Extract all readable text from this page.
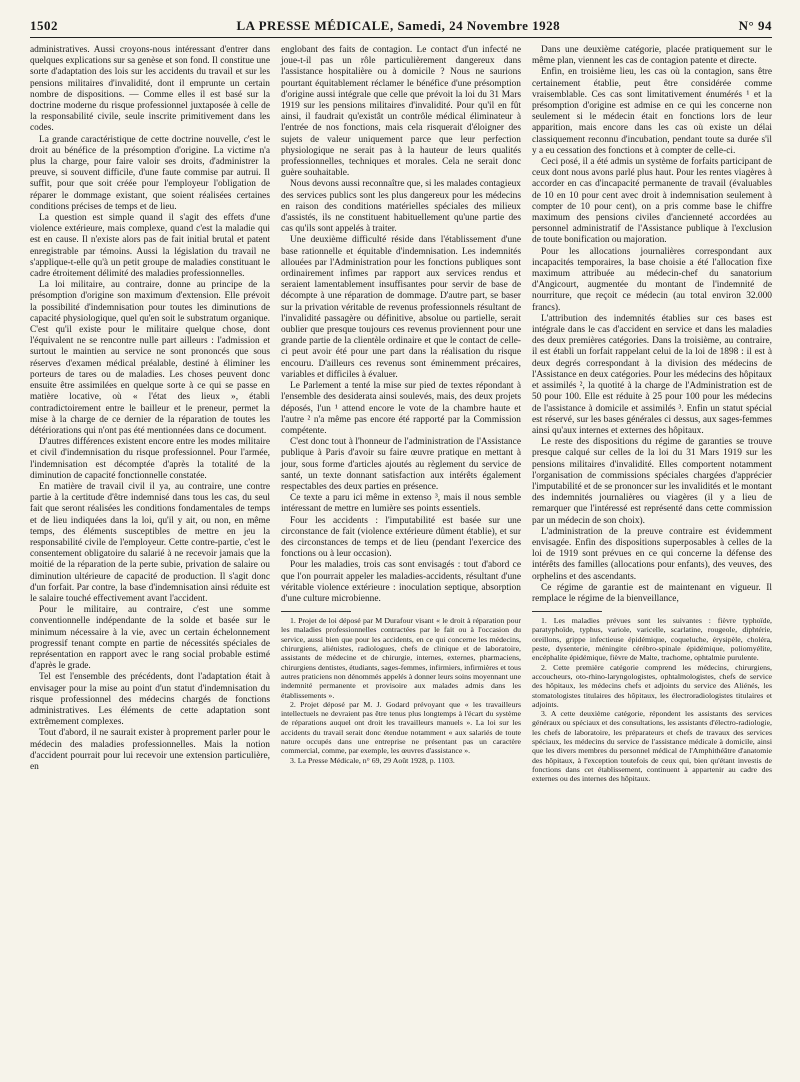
1502	LA PRESSE MÉDICALE, Samedi, 24 Novembre 1928	N° 94

administratives. Aussi croyons-nous intéressant d'entrer dans quelques explications sur sa genèse et son fond. Il constitue une sorte d'adaptation des lois sur les accidents du travail et sur les pensions militaires d'invalidité, dont il emprunte un certain nombre de dispositions. — Comme elles il est basé sur la doctrine moderne du risque professionnel juxtaposée à celle de la responsabilité civile, seule inscrite primitivement dans les codes.

La grande caractéristique de cette doctrine nouvelle, c'est le droit au bénéfice de la présomption d'origine. La victime n'a plus la charge, pour faire valoir ses droits, d'administrer la preuve, si souvent difficile, d'une faute commise par autrui. Il suffit, pour que soit créée pour l'employeur l'obligation de réparer le dommage existant, que soient réalisées certaines conditions précises de temps et de lieu.

La question est simple quand il s'agit des effets d'une violence extérieure, mais complexe, quand c'est la maladie qui est en cause. Il n'existe alors pas de fait initial brutal et patent enregistrable par témoins. Aussi la législation du travail ne s'applique-t-elle qu'à un petit groupe de maladies constituant le cadre étroitement délimité des maladies professionnelles.

La loi militaire, au contraire, donne au principe de la présomption d'origine son maximum d'extension. Elle prévoit la possibilité d'indemnisation pour toutes les diminutions de capacité physiologique, quel qu'en soit le substratum organique. C'est qu'il existe pour le militaire quelque chose, dont l'équivalent ne se rencontre nulle part ailleurs : l'admission et surtout le maintien au service ne sont prononcés que sous réserves d'examen médical préalable, destiné à éliminer les porteurs de tares ou de maladies. Les choses peuvent donc ensuite être assimilées en quelque sorte à ce qui se passe en matière locative, où « l'état des lieux », établi contradictoirement entre le bailleur et le preneur, permet la mise à la charge de ce dernier de la réparation de toutes les détériorations qui n'ont pas été mentionnées dans ce document.

D'autres différences existent encore entre les modes militaire et civil d'indemnisation du risque professionnel. Pour l'armée, l'indemnisation est décomptée d'après la totalité de la diminution de capacité fonctionnelle constatée.

En matière de travail civil il ya, au contraire, une contre partie à la certitude d'être indemnisé dans tous les cas, du seul fait que seront réalisées les conditions fondamentales de temps et de lieu indiquées dans la loi, qu'il y ait, ou non, en même temps, des éléments susceptibles de mettre en jeu la responsabilité civile de l'employeur. Cette contre-partie, c'est le consentement obligatoire du salarié à ne recevoir jamais que la moitié de la réparation de la perte subie, privation de salaire ou diminution ultérieure de capacité de production. Il s'agit donc d'un forfait. Par contre, la base d'indemnisation ainsi réduite est le salaire touché effectivement avant l'accident.

Pour le militaire, au contraire, c'est une somme conventionnelle indépendante de la solde et basée sur le minimum nécessaire à la vie, avec un certain échelonnement progressif tenant compte en partie de nécessités spéciales de représentation en rapport avec le rang social probable estimé d'après le grade.

Tel est l'ensemble des précédents, dont l'adaptation était à envisager pour la mise au point d'un statut d'indemnisation du risque professionnel des médecins chargés de fonctions administratives. Les éléments de cette adaptation sont extrêmement complexes.

Tout d'abord, il ne saurait exister à proprement parler pour le médecin des maladies professionnelles. Mais la notion d'accident pourrait pour lui recevoir une extension particulière, en

englobant des faits de contagion. Le contact d'un infecté ne joue-t-il pas un rôle particulièrement dangereux dans l'assistance hospitalière ou à domicile ? Nous ne saurions pourtant équitablement réclamer le bénéfice d'une présomption d'origine aussi intégrale que celle que prévoit la loi du 31 Mars 1919 sur les pensions militaires d'invalidité. Pour qu'il en fût ainsi, il faudrait qu'existât un contrôle médical éliminateur à l'entrée de nos fonctions, mais cela risquerait d'éloigner des sujets de valeur uniquement parce que leur perfection physiologique ne serait pas à la hauteur de leurs qualités professionnelles, techniques et morales. Cela ne serait donc guère souhaitable.

Nous devons aussi reconnaître que, si les malades contagieux des services publics sont les plus dangereux pour les médecins en raison des conditions matérielles spéciales des milieux d'assistés, ils ne constituent habituellement qu'une partie des cas qu'ils sont appelés à traiter.

Une deuxième difficulté réside dans l'établissement d'une base rationnelle et équitable d'indemnisation. Les indemnités allouées par l'Administration pour les fonctions publiques sont ordinairement infimes par rapport aux services rendus et seraient lamentablement insuffisantes pour servir de base de décompte à une réparation de dommage. D'autre part, se baser sur la privation véritable de revenus professionnels résultant de l'invalidité passagère ou définitive, absolue ou partielle, serait oublier que presque toujours ces revenus proviennent pour une grande partie de la clientèle ordinaire et que le contact de celle-ci peut avoir été pour une part dans la réalisation du risque encouru. D'ailleurs ces revenus sont éminemment précaires, variables et difficiles à évaluer.

Le Parlement a tenté la mise sur pied de textes répondant à l'ensemble des desiderata ainsi soulevés, mais, des deux projets déposés, l'un ¹ attend encore le vote de la chambre haute et l'autre ² n'a même pas encore été rapporté par la Commission compétente.

C'est donc tout à l'honneur de l'administration de l'Assistance publique à Paris d'avoir su faire œuvre pratique en mettant à jour, sous forme d'articles ajoutés au règlement du service de santé, un texte donnant satisfaction aux intérêts également respectables des deux parties en présence.

Ce texte a paru ici même in extenso ³, mais il nous semble intéressant de mettre en lumière ses points essentiels.

Four les accidents : l'imputabilité est basée sur une circonstance de fait (violence extérieure dûment établie), et sur des circonstances de temps et de lieu (pendant l'exercice des fonctions ou à leur occasion).

Pour les maladies, trois cas sont envisagés : tout d'abord ce que l'on pourrait appeler les maladies-accidents, résultant d'une véritable violence extérieure : inoculation septique, absorption d'une culture microbienne.

1. Projet de loi déposé par M Durafour visant « le droit à réparation pour les maladies professionnelles contractées par le fait ou à l'occasion du service, aussi bien que pour les accidents, en ce qui concerne les médecins, chirurgiens, aliénistes, radiologues, chefs de clinique et de laboratoire, assistants de médecine et de chirurgie, internes, externes, pharmaciens, chirurgiens dentistes, étudiants, sages-femmes, infirmiers, infirmières et tous autres praticiens non dénommés appelés à donner leurs soins moyennant une indemnité permanente et provisoire aux malades admis dans les établissements ».

2. Projet déposé par M. J. Godard prévoyant que « les travailleurs intellectuels ne devraient pas être tenus plus longtemps à l'écart du système de réparations auquel ont droit les travailleurs manuels ». La loi sur les accidents du travail serait donc étendue notamment « aux salariés de toute nature occupés dans une entreprise ne présentant pas un caractère commercial, comme, par exemple, les œuvres d'assistance ».

3. La Presse Médicale, n° 69, 29 Août 1928, p. 1103.

Dans une deuxième catégorie, placée pratiquement sur le même plan, viennent les cas de contagion patente et directe.

Enfin, en troisième lieu, les cas où la contagion, sans être certainement établie, peut être considérée comme vraisemblable. Ces cas sont limitativement énumérés ¹ et la présomption d'origine est admise en ce qui les concerne non seulement si le médecin était en fonctions lors de leur apparition, mais encore dans les cas où existe un délai classiquement reconnu d'incubation, pendant toute sa durée s'il y a eu cessation des fonctions et à compter de celle-ci.

Ceci posé, il a été admis un système de forfaits participant de ceux dont nous avons parlé plus haut. Pour les rentes viagères à accorder en cas d'incapacité permanente de travail (évaluables de 10 en 10 pour cent avec droit à indemnisation seulement à compter de 10 pour cent), on a pris comme base le chiffre maximum des pensions civiles d'ancienneté accordées au personnel administratif de l'Assistance publique à l'exclusion de toute bonification ou majoration.

Pour les allocations journalières correspondant aux incapacités temporaires, la base choisie a été l'allocation fixe maximum attribuée au médecin-chef du sanatorium d'Angicourt, augmentée du montant de l'indemnité de nourriture, que reçoit ce médecin (au total environ 32.000 francs).

L'attribution des indemnités établies sur ces bases est intégrale dans le cas d'accident en service et dans les maladies des deux premières catégories. Dans la troisième, au contraire, il est établi un forfait rappelant celui de la loi de 1898 : il est à deux degrés correspondant à la division des médecins de l'Assistance en deux catégories. Pour les médecins des hôpitaux et assimilés ², la quotité à la charge de l'Administration est de 50 pour 100. Elle est réduite à 25 pour 100 pour les médecins de l'assistance à domicile et assimilés ³. Enfin un statut spécial est réservé, sur les bases générales ci dessus, aux sages-femmes ainsi qu'aux internes et externes des hôpitaux.

Le reste des dispositions du régime de garanties se trouve presque calqué sur celles de la loi du 31 Mars 1919 sur les pensions militaires d'invalidité. Elles comportent notamment l'organisation de commissions spéciales chargées d'apprécier l'imputabilité et de se prononcer sur les invalidités et le montant des indemnités journalières ou viagères (il y a lieu de remarquer que l'intéressé est représenté dans cette commission par un médecin de son choix).

L'administration de la preuve contraire est évidemment envisagée. Enfin des dispositions superposables à celles de la loi de 1919 sont prévues en ce qui concerne la défense des intérêts des familles (allocations pour enfants), des veuves, des orphelins et des ascendants.

Ce régime de garantie est de maintenant en vigueur. Il remplace le régime de la bienveillance,

1. Les maladies prévues sont les suivantes : fièvre typhoïde, paratyphoïde, typhus, variole, varicelle, scarlatine, rougeole, diphtérie, oreillons, grippe infectieuse épidémique, coqueluche, érysipèle, choléra, peste, dysenterie, méningite cérébro-spinale épidémique, poliomyélite, encéphalite épidémique, fièvre de Malte, trachome, ophtalmie purulente.

2. Cette première catégorie comprend les médecins, chirurgiens, accoucheurs, oto-rhino-laryngologistes, ophtalmologistes, chefs de service des hôpitaux, les médecins chefs et adjoints du service des Aliénés, les stomatologistes titulaires des hôpitaux, les électroradiologistes titulaires et adjoints.

3. A cette deuxième catégorie, répondent les assistants des services généraux ou spéciaux et des consultations, les assistants d'électro-radiologie, les chefs de laboratoire, les préparateurs et chefs de travaux des services spéciaux, les médecins du service de l'assistance médicale à domicile, ainsi que les divers membres du personnel médical de l'Amphithéâtre d'anatomie des hôpitaux, à l'exception toutefois de ceux qui, bien qu'étant investis de fonctions dans cet établissement, continuent à appartenir au cadre des externes ou des internes des hôpitaux.
